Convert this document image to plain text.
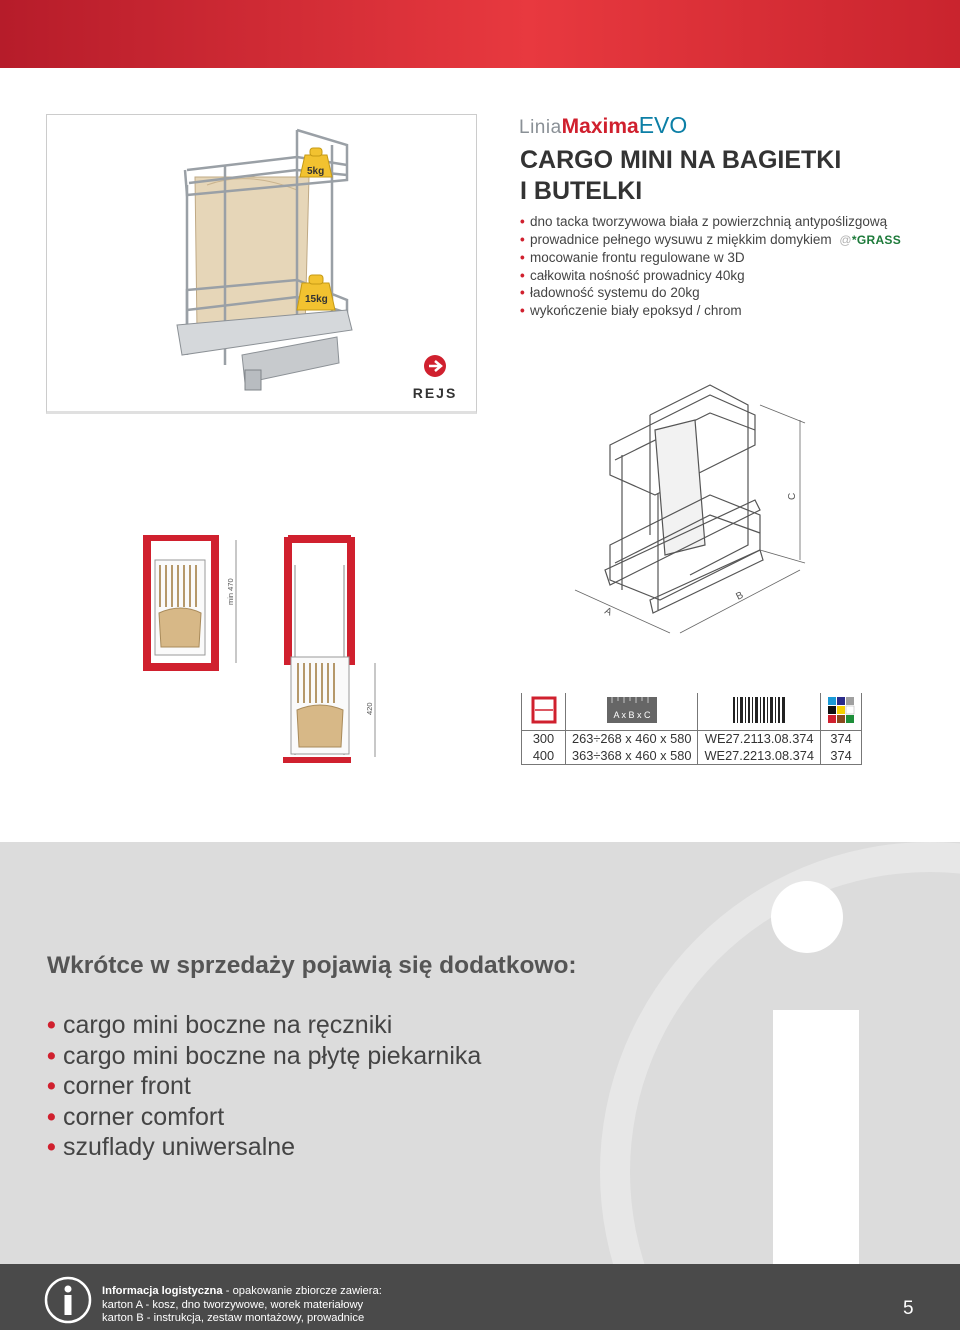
5kg
15kg
REJS
LiniaMaximaEVO
CARGO MINI NA BAGIETKI
I BUTELKI
• dno tacka tworzywowa biała z powierzchnią antypoślizgową
• prowadnice pełnego wysuwu z miękkim domykiem @*GRASS
• mocowanie frontu regulowane w 3D
• całkowita nośność prowadnicy 40kg
• ładowność systemu do 20kg
• wykończenie biały epoksyd / chrom
C
B
A
min 470
420
		A x B x C

300	263÷268 x 460 x 580	WE27.2113.08.374	374
400	363÷368 x 460 x 580	WE27.2213.08.374	374
Wkrótce w sprzedaży pojawią się dodatkowo:
• cargo mini boczne na ręczniki
• cargo mini boczne na płytę piekarnika
• corner front
• corner comfort
• szuflady uniwersalne
Informacja logistyczna - opakowanie zbiorcze zawiera:
karton A - kosz, dno tworzywowe, worek materiałowy
karton B - instrukcja, zestaw montażowy, prowadnice	5
